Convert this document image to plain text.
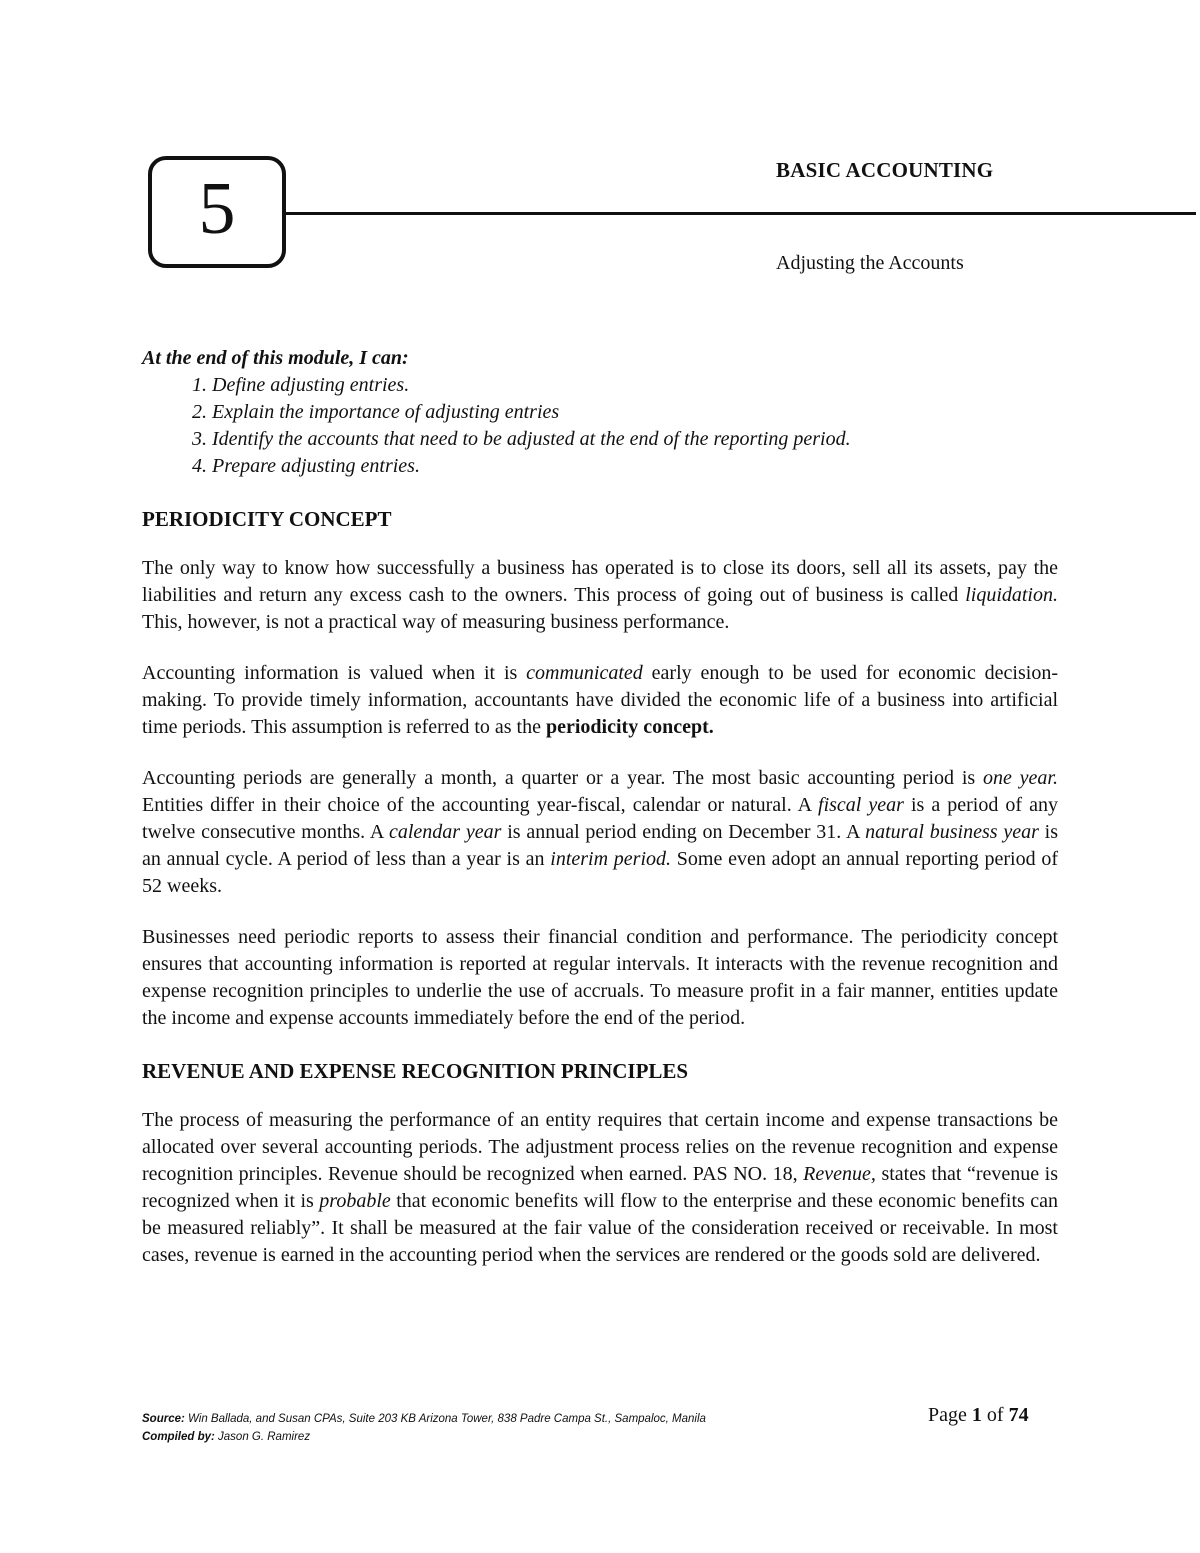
5	BASIC ACCOUNTING
Adjusting the Accounts

At the end of this module, I can:

1. Define adjusting entries.
2. Explain the importance of adjusting entries
3. Identify the accounts that need to be adjusted at the end of the reporting period.
4. Prepare adjusting entries.
PERIODICITY CONCEPT

The only way to know how successfully a business has operated is to close its doors, sell all its assets, pay the liabilities and return any excess cash to the owners. This process of going out of business is called liquidation. This, however, is not a practical way of measuring business performance.

Accounting information is valued when it is communicated early enough to be used for economic decision-making. To provide timely information, accountants have divided the economic life of a business into artificial time periods. This assumption is referred to as the periodicity concept.

Accounting periods are generally a month, a quarter or a year. The most basic accounting period is one year. Entities differ in their choice of the accounting year-fiscal, calendar or natural. A fiscal year is a period of any twelve consecutive months. A calendar year is annual period ending on December 31. A natural business year is an annual cycle. A period of less than a year is an interim period. Some even adopt an annual reporting period of 52 weeks.

Businesses need periodic reports to assess their financial condition and performance. The periodicity concept ensures that accounting information is reported at regular intervals. It interacts with the revenue recognition and expense recognition principles to underlie the use of accruals. To measure profit in a fair manner, entities update the income and expense accounts immediately before the end of the period.

REVENUE AND EXPENSE RECOGNITION PRINCIPLES

The process of measuring the performance of an entity requires that certain income and expense transactions be allocated over several accounting periods. The adjustment process relies on the revenue recognition and expense recognition principles. Revenue should be recognized when earned. PAS NO. 18, Revenue, states that “revenue is recognized when it is probable that economic benefits will flow to the enterprise and these economic benefits can be measured reliably”. It shall be measured at the fair value of the consideration received or receivable. In most cases, revenue is earned in the accounting period when the services are rendered or the goods sold are delivered.

Source: Win Ballada, and Susan CPAs, Suite 203 KB Arizona Tower, 838 Padre Campa St., Sampaloc, Manila
Compiled by: Jason G. Ramirez
Page 1 of 74
